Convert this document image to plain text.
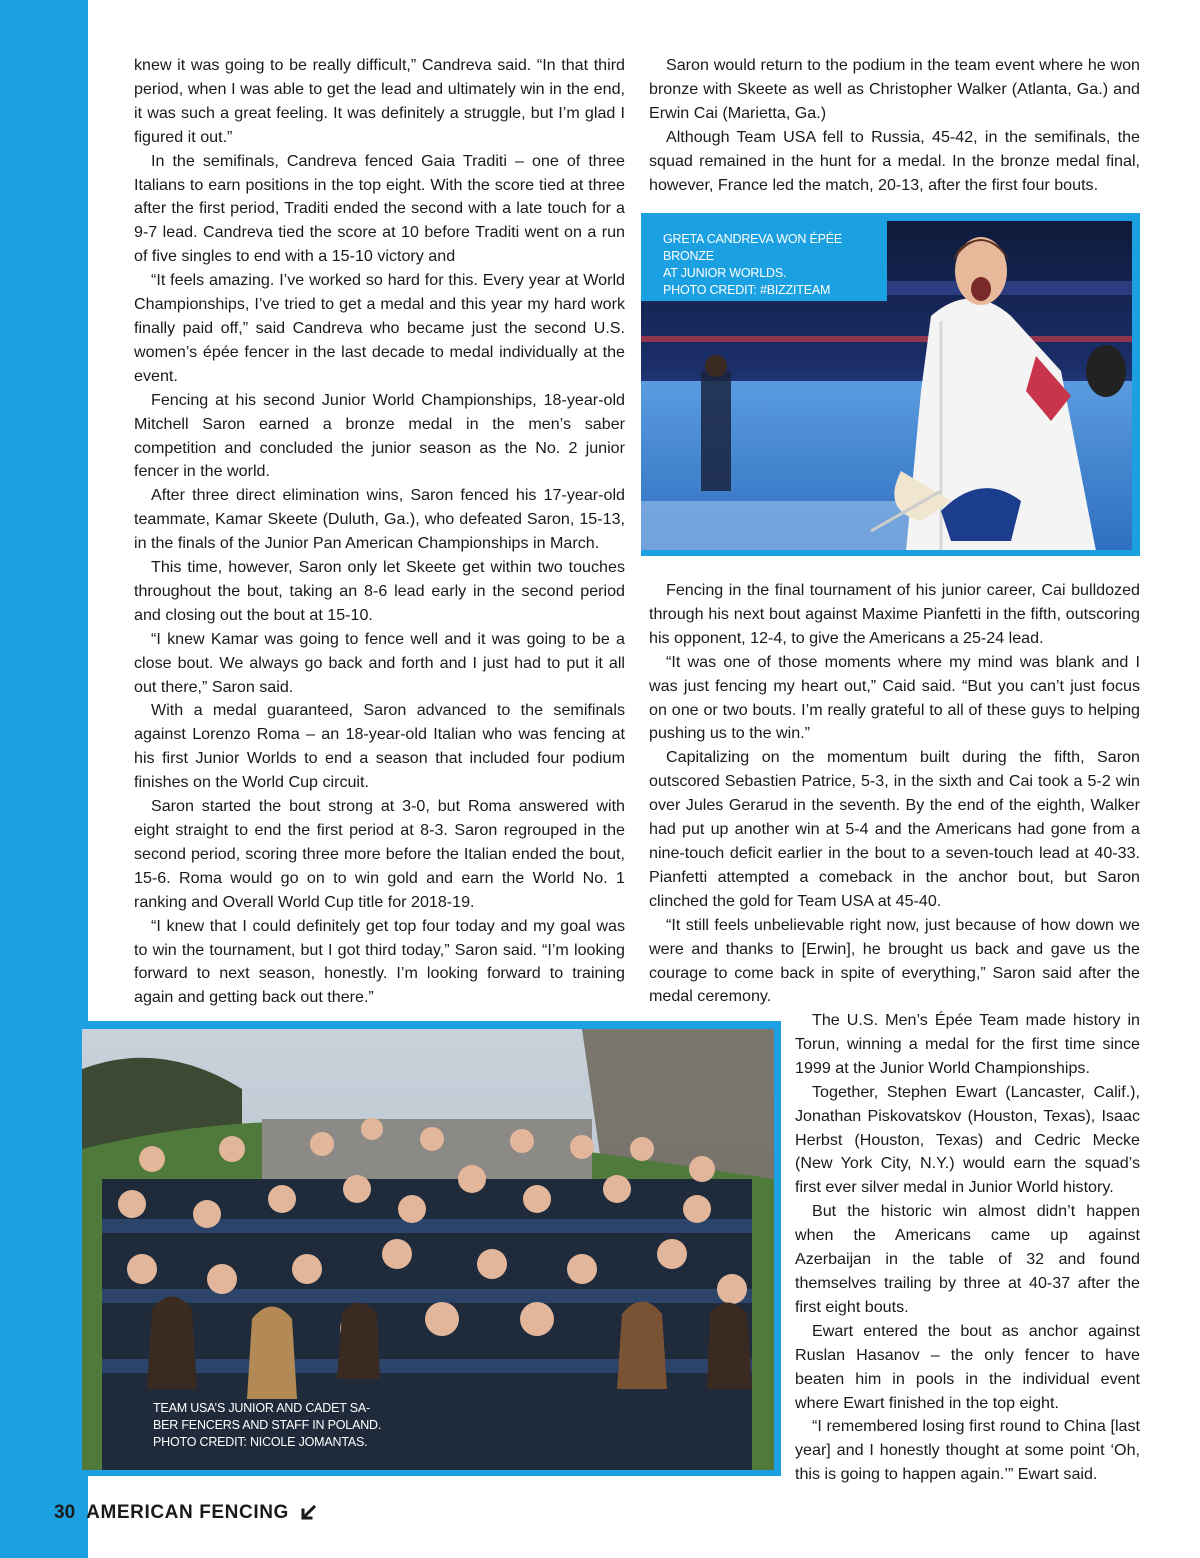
knew it was going to be really difficult,” Candreva said. “In that third period, when I was able to get the lead and ultimately win in the end, it was such a great feeling. It was definitely a struggle, but I’m glad I figured it out.”

In the semifinals, Candreva fenced Gaia Traditi – one of three Italians to earn positions in the top eight. With the score tied at three after the first period, Traditi ended the second with a late touch for a 9-7 lead. Candreva tied the score at 10 before Traditi went on a run of five singles to end with a 15-10 victory and

“It feels amazing. I’ve worked so hard for this. Every year at World Championships, I’ve tried to get a medal and this year my hard work finally paid off,” said Candreva who became just the second U.S. women’s épée fencer in the last decade to medal individually at the event.

Fencing at his second Junior World Championships, 18-year-old Mitchell Saron earned a bronze medal in the men’s saber competition and concluded the junior season as the No. 2 junior fencer in the world.

After three direct elimination wins, Saron fenced his 17-year-old teammate, Kamar Skeete (Duluth, Ga.), who defeated Saron, 15-13, in the finals of the Junior Pan American Championships in March.

This time, however, Saron only let Skeete get within two touches throughout the bout, taking an 8-6 lead early in the second period and closing out the bout at 15-10.

“I knew Kamar was going to fence well and it was going to be a close bout. We always go back and forth and I just had to put it all out there,” Saron said.

With a medal guaranteed, Saron advanced to the semifinals against Lorenzo Roma – an 18-year-old Italian who was fencing at his first Junior Worlds to end a season that included four podium finishes on the World Cup circuit.

Saron started the bout strong at 3-0, but Roma answered with eight straight to end the first period at 8-3. Saron regrouped in the second period, scoring three more before the Italian ended the bout, 15-6. Roma would go on to win gold and earn the World No. 1 ranking and Overall World Cup title for 2018-19.

“I knew that I could definitely get top four today and my goal was to win the tournament, but I got third today,” Saron said. “I’m looking forward to next season, honestly. I’m looking forward to training again and getting back out there.”

Saron would return to the podium in the team event where he won bronze with Skeete as well as Christopher Walker (Atlanta, Ga.) and Erwin Cai (Marietta, Ga.)

Although Team USA fell to Russia, 45-42, in the semifinals, the squad remained in the hunt for a medal. In the bronze medal final, however, France led the match, 20-13, after the first four bouts.

GRETA CANDREVA WON ÉPÉE BRONZE
AT JUNIOR WORLDS.
PHOTO CREDIT: #BIZZITEAM

Fencing in the final tournament of his junior career, Cai bulldozed through his next bout against Maxime Pianfetti in the fifth, outscoring his opponent, 12-4, to give the Americans a 25-24 lead.

“It was one of those moments where my mind was blank and I was just fencing my heart out,” Caid said. “But you can’t just focus on one or two bouts. I’m really grateful to all of these guys to helping pushing us to the win.”

Capitalizing on the momentum built during the fifth, Saron outscored Sebastien Patrice, 5-3, in the sixth and Cai took a 5-2 win over Jules Gerarud in the seventh. By the end of the eighth, Walker had put up another win at 5-4 and the Americans had gone from a nine-touch deficit earlier in the bout to a seven-touch lead at 40-33. Pianfetti attempted a comeback in the anchor bout, but Saron clinched the gold for Team USA at 45-40.

“It still feels unbelievable right now, just because of how down we were and thanks to [Erwin], he brought us back and gave us the courage to come back in spite of everything,” Saron said after the medal ceremony.

TEAM USA’S JUNIOR AND CADET SA-
BER FENCERS AND STAFF IN POLAND.
PHOTO CREDIT: NICOLE JOMANTAS.

The U.S. Men’s Épée Team made history in Torun, winning a medal for the first time since 1999 at the Junior World Championships.

Together, Stephen Ewart (Lancaster, Calif.), Jonathan Piskovatskov (Houston, Texas), Isaac Herbst (Houston, Texas) and Cedric Mecke (New York City, N.Y.) would earn the squad’s first ever silver medal in Junior World history.

But the historic win almost didn’t happen when the Americans came up against Azerbaijan in the table of 32 and found themselves trailing by three at 40-37 after the first eight bouts.

Ewart entered the bout as anchor against Ruslan Hasanov – the only fencer to have beaten him in pools in the individual event where Ewart finished in the top eight.

“I remembered losing first round to China [last year] and I honestly thought at some point ‘Oh, this is going to happen again.’” Ewart said.

30 AMERICAN FENCING
